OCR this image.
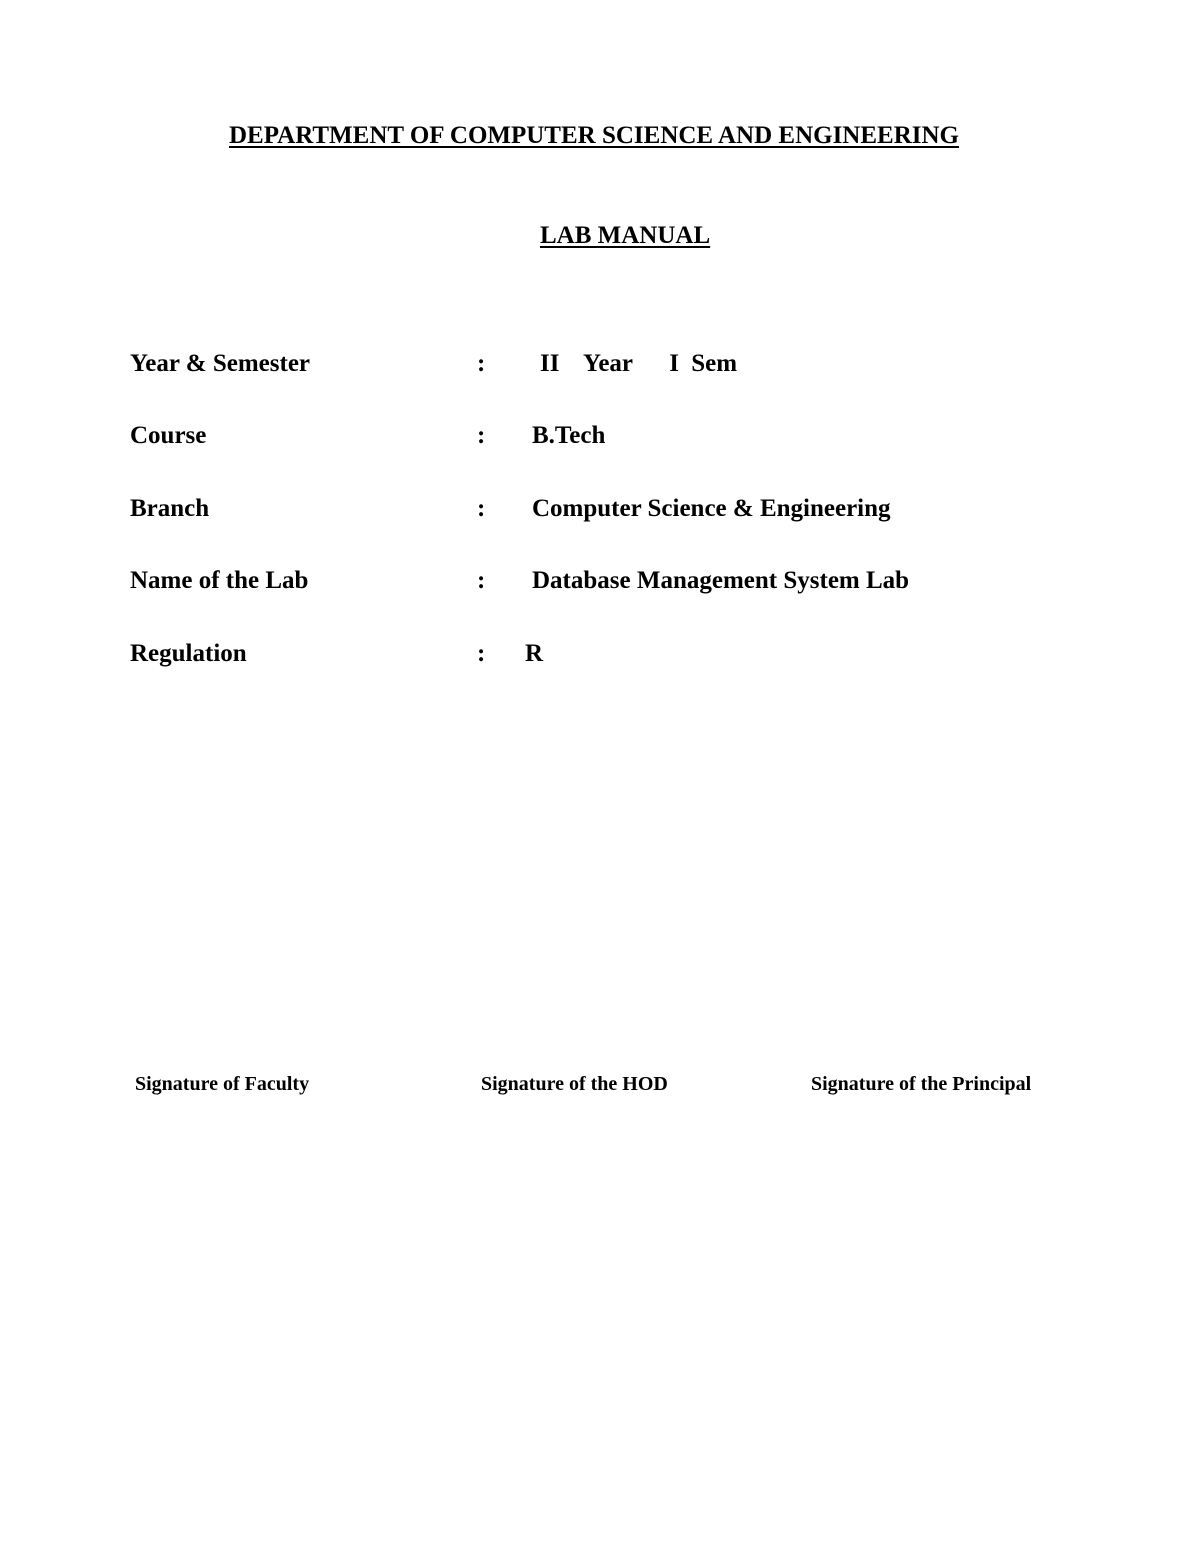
DEPARTMENT OF COMPUTER SCIENCE AND ENGINEERING
LAB MANUAL
Year & Semester	: II  Year   I Sem
Course	: B.Tech
Branch	: Computer Science & Engineering
Name of the Lab	: Database Management System Lab
Regulation	: R
Signature of Faculty	Signature of the HOD	Signature of the Principal
